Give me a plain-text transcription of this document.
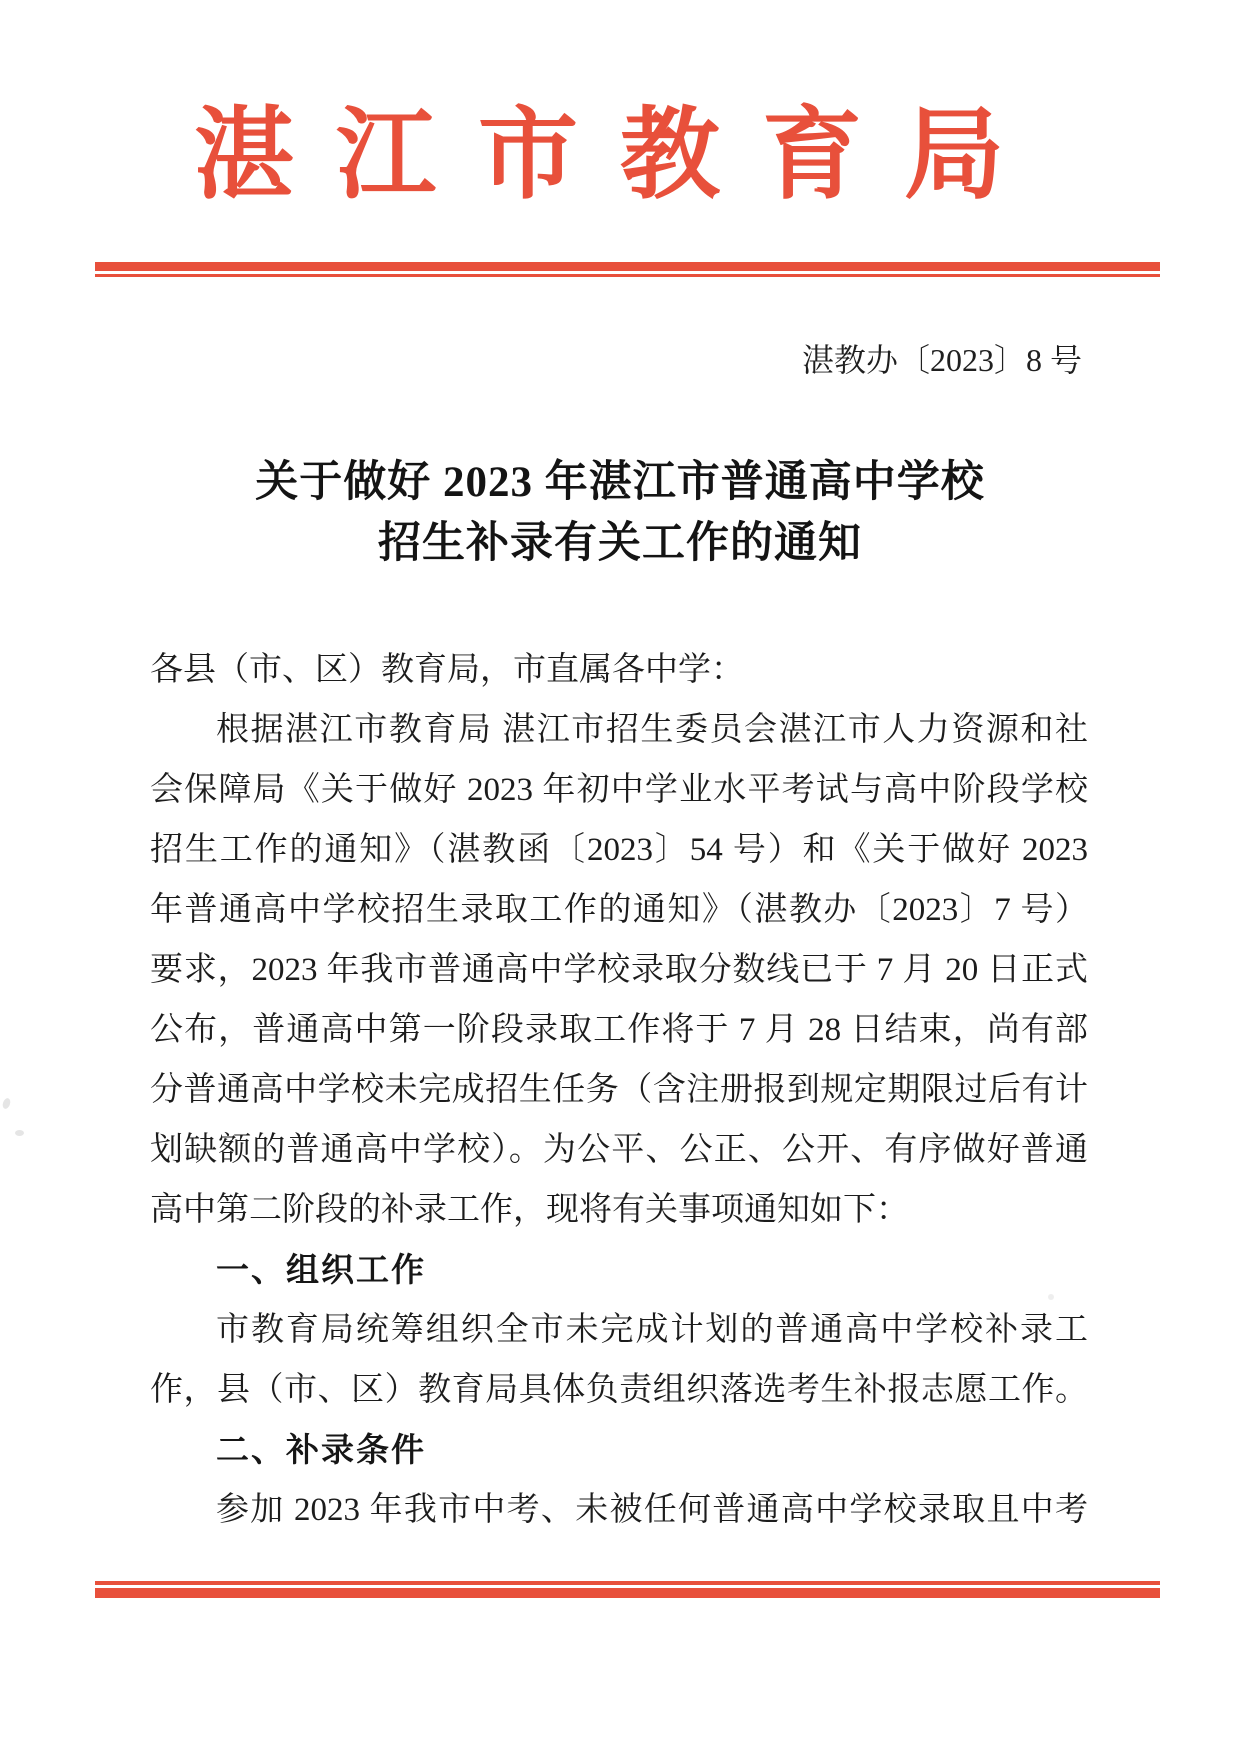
湛江市教育局
湛教办〔2023〕8 号
关于做好 2023 年湛江市普通高中学校
招生补录有关工作的通知
各县（市、区）教育局，市直属各中学：
根据湛江市教育局 湛江市招生委员会湛江市人力资源和社
会保障局《关于做好 2023 年初中学业水平考试与高中阶段学校
招生工作的通知》（湛教函〔2023〕54 号）和《关于做好 2023
年普通高中学校招生录取工作的通知》（湛教办〔2023〕7 号）
要求，2023 年我市普通高中学校录取分数线已于 7 月 20 日正式
公布，普通高中第一阶段录取工作将于 7 月 28 日结束，尚有部
分普通高中学校未完成招生任务（含注册报到规定期限过后有计
划缺额的普通高中学校）。为公平、公正、公开、有序做好普通
高中第二阶段的补录工作，现将有关事项通知如下：
一、组织工作
市教育局统筹组织全市未完成计划的普通高中学校补录工
作，县（市、区）教育局具体负责组织落选考生补报志愿工作。
二、补录条件
参加 2023 年我市中考、未被任何普通高中学校录取且中考
